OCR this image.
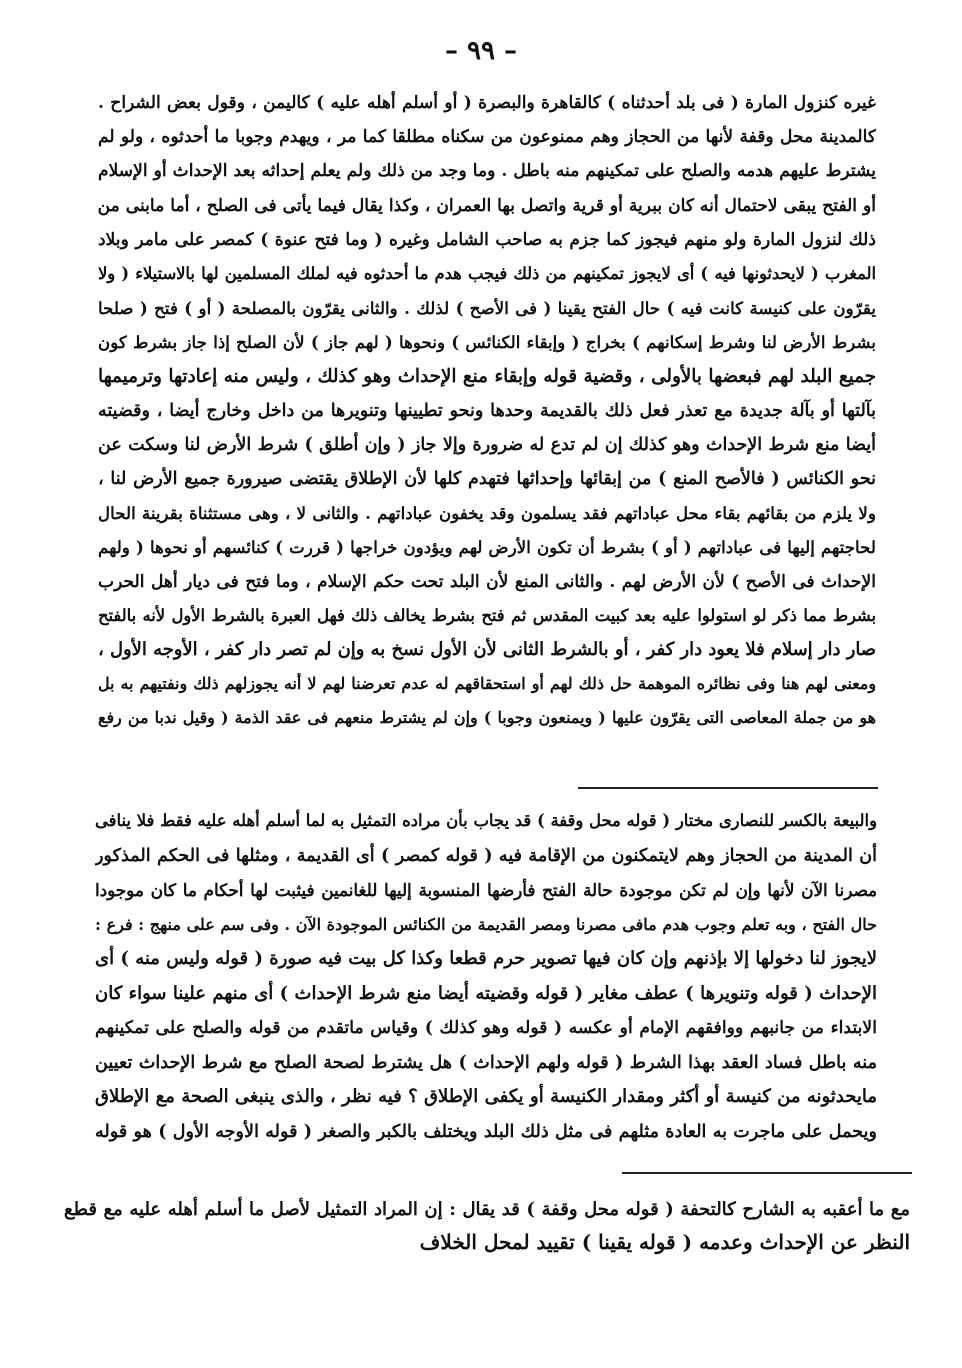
– ٩٩ –
غيره كنزول المارة ( فى بلد أحدثناه ) كالقاهرة والبصرة ( أو أسلم أهله عليه ) كاليمن ، وقول بعض الشراح .
كالمدينة محل وقفة لأنها من الحجاز وهم ممنوعون من سكناه مطلقا كما مر ، ويهدم وجوبا ما أحدثوه ، ولو لم
يشترط عليهم هدمه والصلح على تمكينهم منه باطل . وما وجد من ذلك ولم يعلم إحداثه بعد الإحداث أو الإسلام
أو الفتح يبقى لاحتمال أنه كان ببرية أو قرية واتصل بها العمران ، وكذا يقال فيما يأتى فى الصلح ، أما مابنى من
ذلك لنزول المارة ولو منهم فيجوز كما جزم به صاحب الشامل وغيره ( وما فتح عنوة ) كمصر على مامر وبلاد
المغرب ( لايحدثونها فيه ) أى لايجوز تمكينهم من ذلك فيجب هدم ما أحدثوه فيه لملك المسلمين لها بالاستيلاء ( ولا
يقرّون على كنيسة كانت فيه ) حال الفتح يقينا ( فى الأصح ) لذلك . والثانى يقرّون بالمصلحة ( أو ) فتح ( صلحا
بشرط الأرض لنا وشرط إسكانهم ) بخراج ( وإبقاء الكنائس ) ونحوها ( لهم جاز ) لأن الصلح إذا جاز بشرط كون
جميع البلد لهم فبعضها بالأولى ، وقضية قوله وإبقاء منع الإحداث وهو كذلك ، وليس منه إعادتها وترميمها
بآلتها أو بآلة جديدة مع تعذر فعل ذلك بالقديمة وحدها ونحو تطيينها وتنويرها من داخل وخارج أيضا ، وقضيته
أيضا منع شرط الإحداث وهو كذلك إن لم تدع له ضرورة وإلا جاز ( وإن أطلق ) شرط الأرض لنا وسكت عن
نحو الكنائس ( فالأصح المنع ) من إبقائها وإحداثها فتهدم كلها لأن الإطلاق يقتضى صيرورة جميع الأرض لنا ،
ولا يلزم من بقائهم بقاء محل عباداتهم فقد يسلمون وقد يخفون عباداتهم . والثانى لا ، وهى مستثناة بقرينة الحال
لحاجتهم إليها فى عباداتهم ( أو ) بشرط أن تكون الأرض لهم ويؤدون خراجها ( قررت ) كنائسهم أو نحوها ( ولهم
الإحداث فى الأصح ) لأن الأرض لهم . والثانى المنع لأن البلد تحت حكم الإسلام ، وما فتح فى ديار أهل الحرب
بشرط مما ذكر لو استولوا عليه بعد كبيت المقدس ثم فتح بشرط يخالف ذلك فهل العبرة بالشرط الأول لأنه بالفتح
صار دار إسلام فلا يعود دار كفر ، أو بالشرط الثانى لأن الأول نسخ به وإن لم تصر دار كفر ، الأوجه الأول ،
ومعنى لهم هنا وفى نظائره الموهمة حل ذلك لهم أو استحقاقهم له عدم تعرضنا لهم لا أنه يجوزلهم ذلك ونفتيهم به بل
هو من جملة المعاصى التى يقرّون عليها ( ويمنعون وجوبا ) وإن لم يشترط منعهم فى عقد الذمة ( وقيل ندبا من رفع
والبيعة بالكسر للنصارى مختار ( قوله محل وقفة ) قد يجاب بأن مراده التمثيل به لما أسلم أهله عليه فقط فلا ينافى
أن المدينة من الحجاز وهم لايتمكنون من الإقامة فيه ( قوله كمصر ) أى القديمة ، ومثلها فى الحكم المذكور
مصرنا الآن لأنها وإن لم تكن موجودة حالة الفتح فأرضها المنسوبة إليها للغانمين فيثبت لها أحكام ما كان موجودا
حال الفتح ، وبه تعلم وجوب هدم مافى مصرنا ومصر القديمة من الكنائس الموجودة الآن . وفى سم على منهج : فرع :
لايجوز لنا دخولها إلا بإذنهم وإن كان فيها تصوير حرم قطعا وكذا كل بيت فيه صورة ( قوله وليس منه ) أى
الإحداث ( قوله وتنويرها ) عطف مغاير ( قوله وقضيته أيضا منع شرط الإحداث ) أى منهم علينا سواء كان
الابتداء من جانبهم ووافقهم الإمام أو عكسه ( قوله وهو كذلك ) وقياس ماتقدم من قوله والصلح على تمكينهم
منه باطل فساد العقد بهذا الشرط ( قوله ولهم الإحداث ) هل يشترط لصحة الصلح مع شرط الإحداث تعيين
مايحدثونه من كنيسة أو أكثر ومقدار الكنيسة أو يكفى الإطلاق ؟ فيه نظر ، والذى ينبغى الصحة مع الإطلاق
ويحمل على ماجرت به العادة مثلهم فى مثل ذلك البلد ويختلف بالكبر والصغر ( قوله الأوجه الأول ) هو قوله
مع ما أعقبه به الشارح كالتحفة ( قوله محل وقفة ) قد يقال : إن المراد التمثيل لأصل ما أسلم أهله عليه مع قطع
النظر عن الإحداث وعدمه ( قوله يقينا ) تقييد لمحل الخلاف
